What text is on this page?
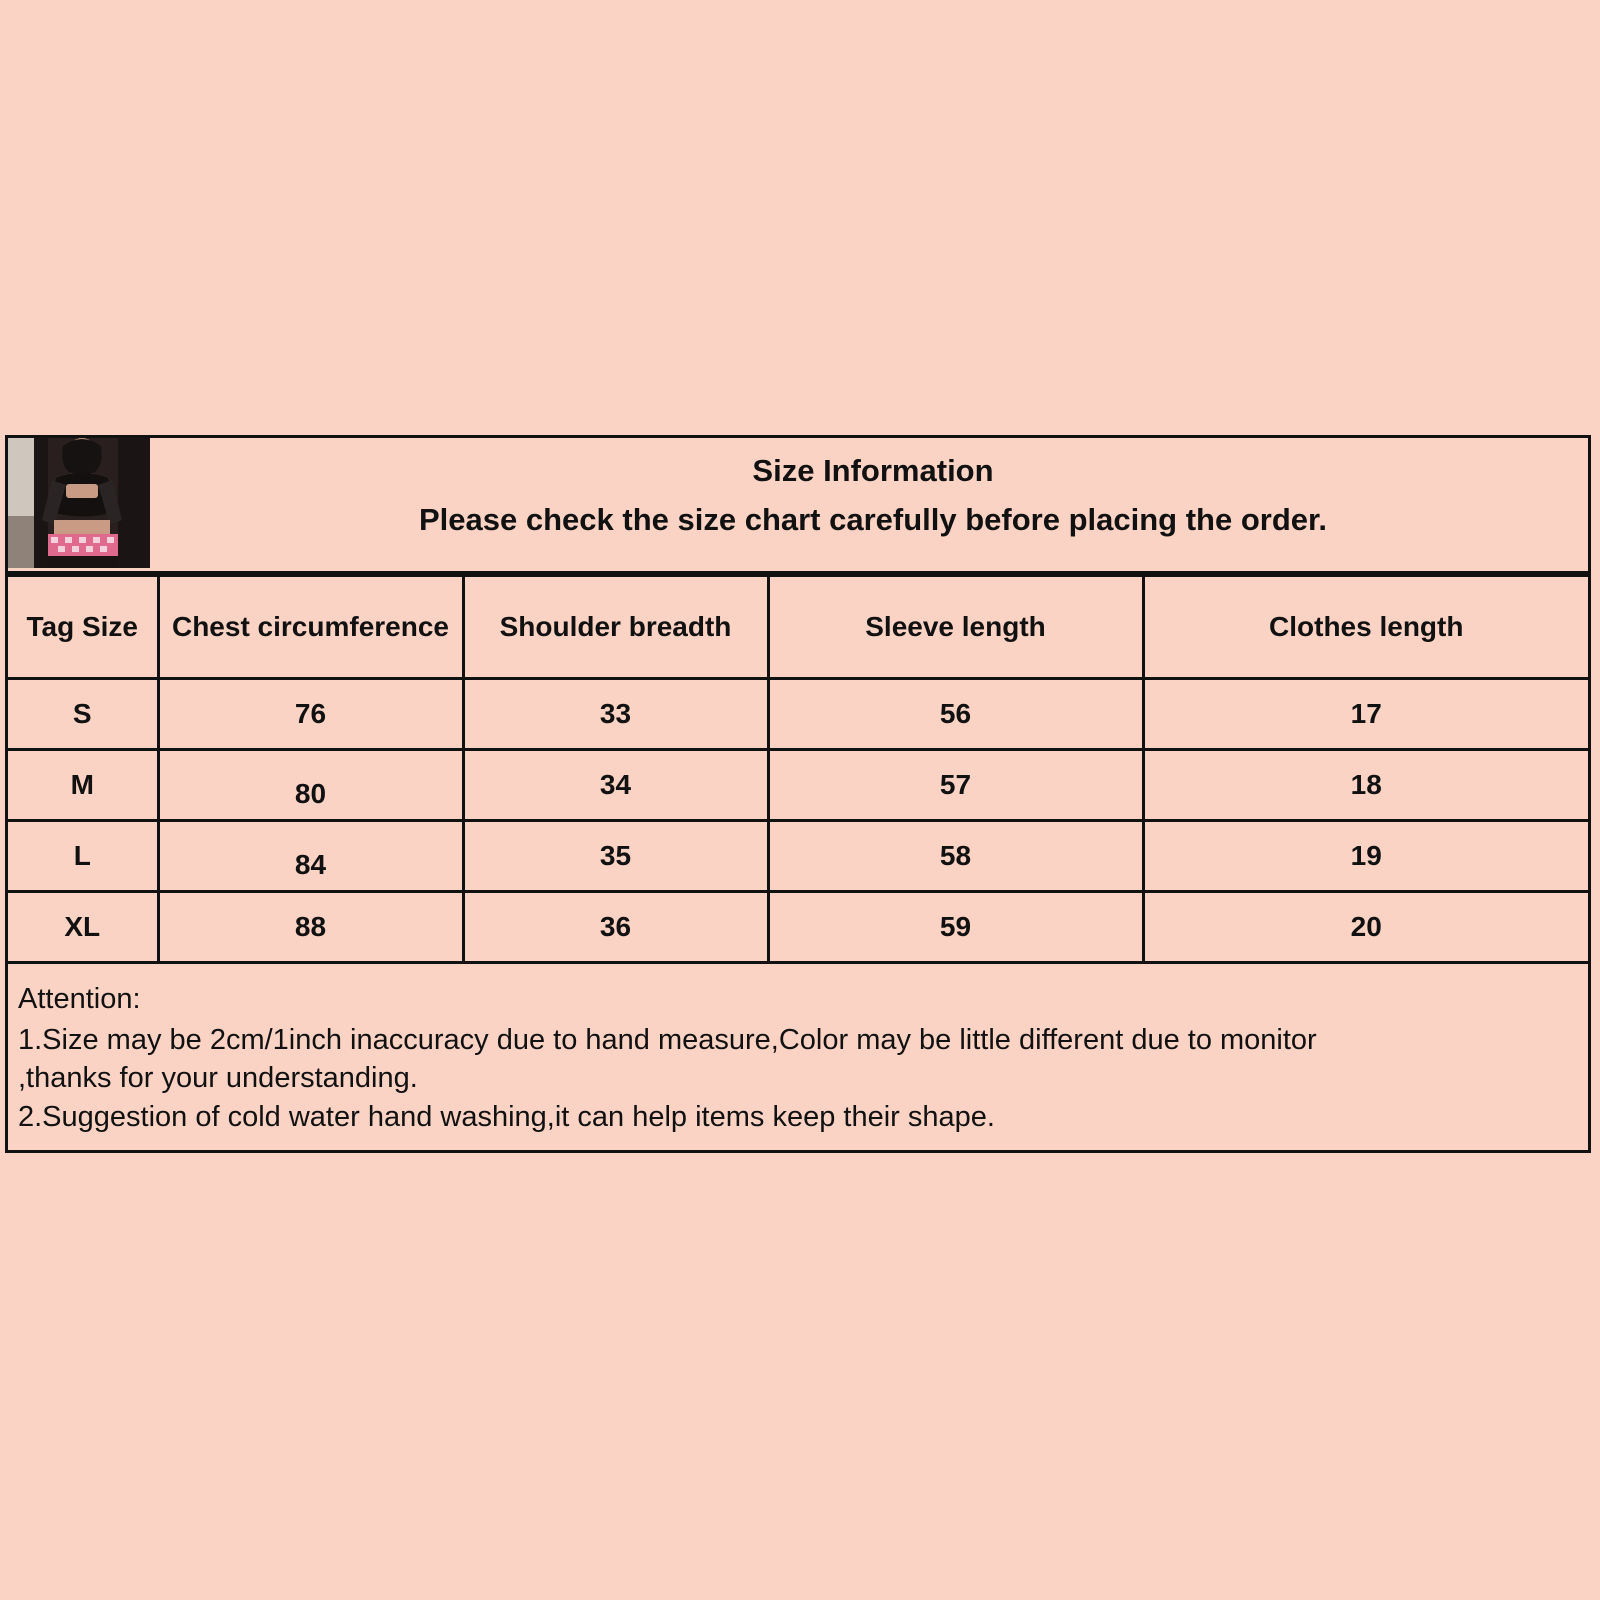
Size Information
Please check the size chart carefully before placing the order.
Tag Size	Chest circumference	Shoulder breadth	Sleeve length	Clothes length
S	76	33	56	17
M	80	34	57	18
L	84	35	58	19
XL	88	36	59	20
Attention:
1.Size may be 2cm/1inch inaccuracy due to hand measure,Color may be little different due to monitor
,thanks for your understanding.
2.Suggestion of cold water hand washing,it can help items keep their shape.
